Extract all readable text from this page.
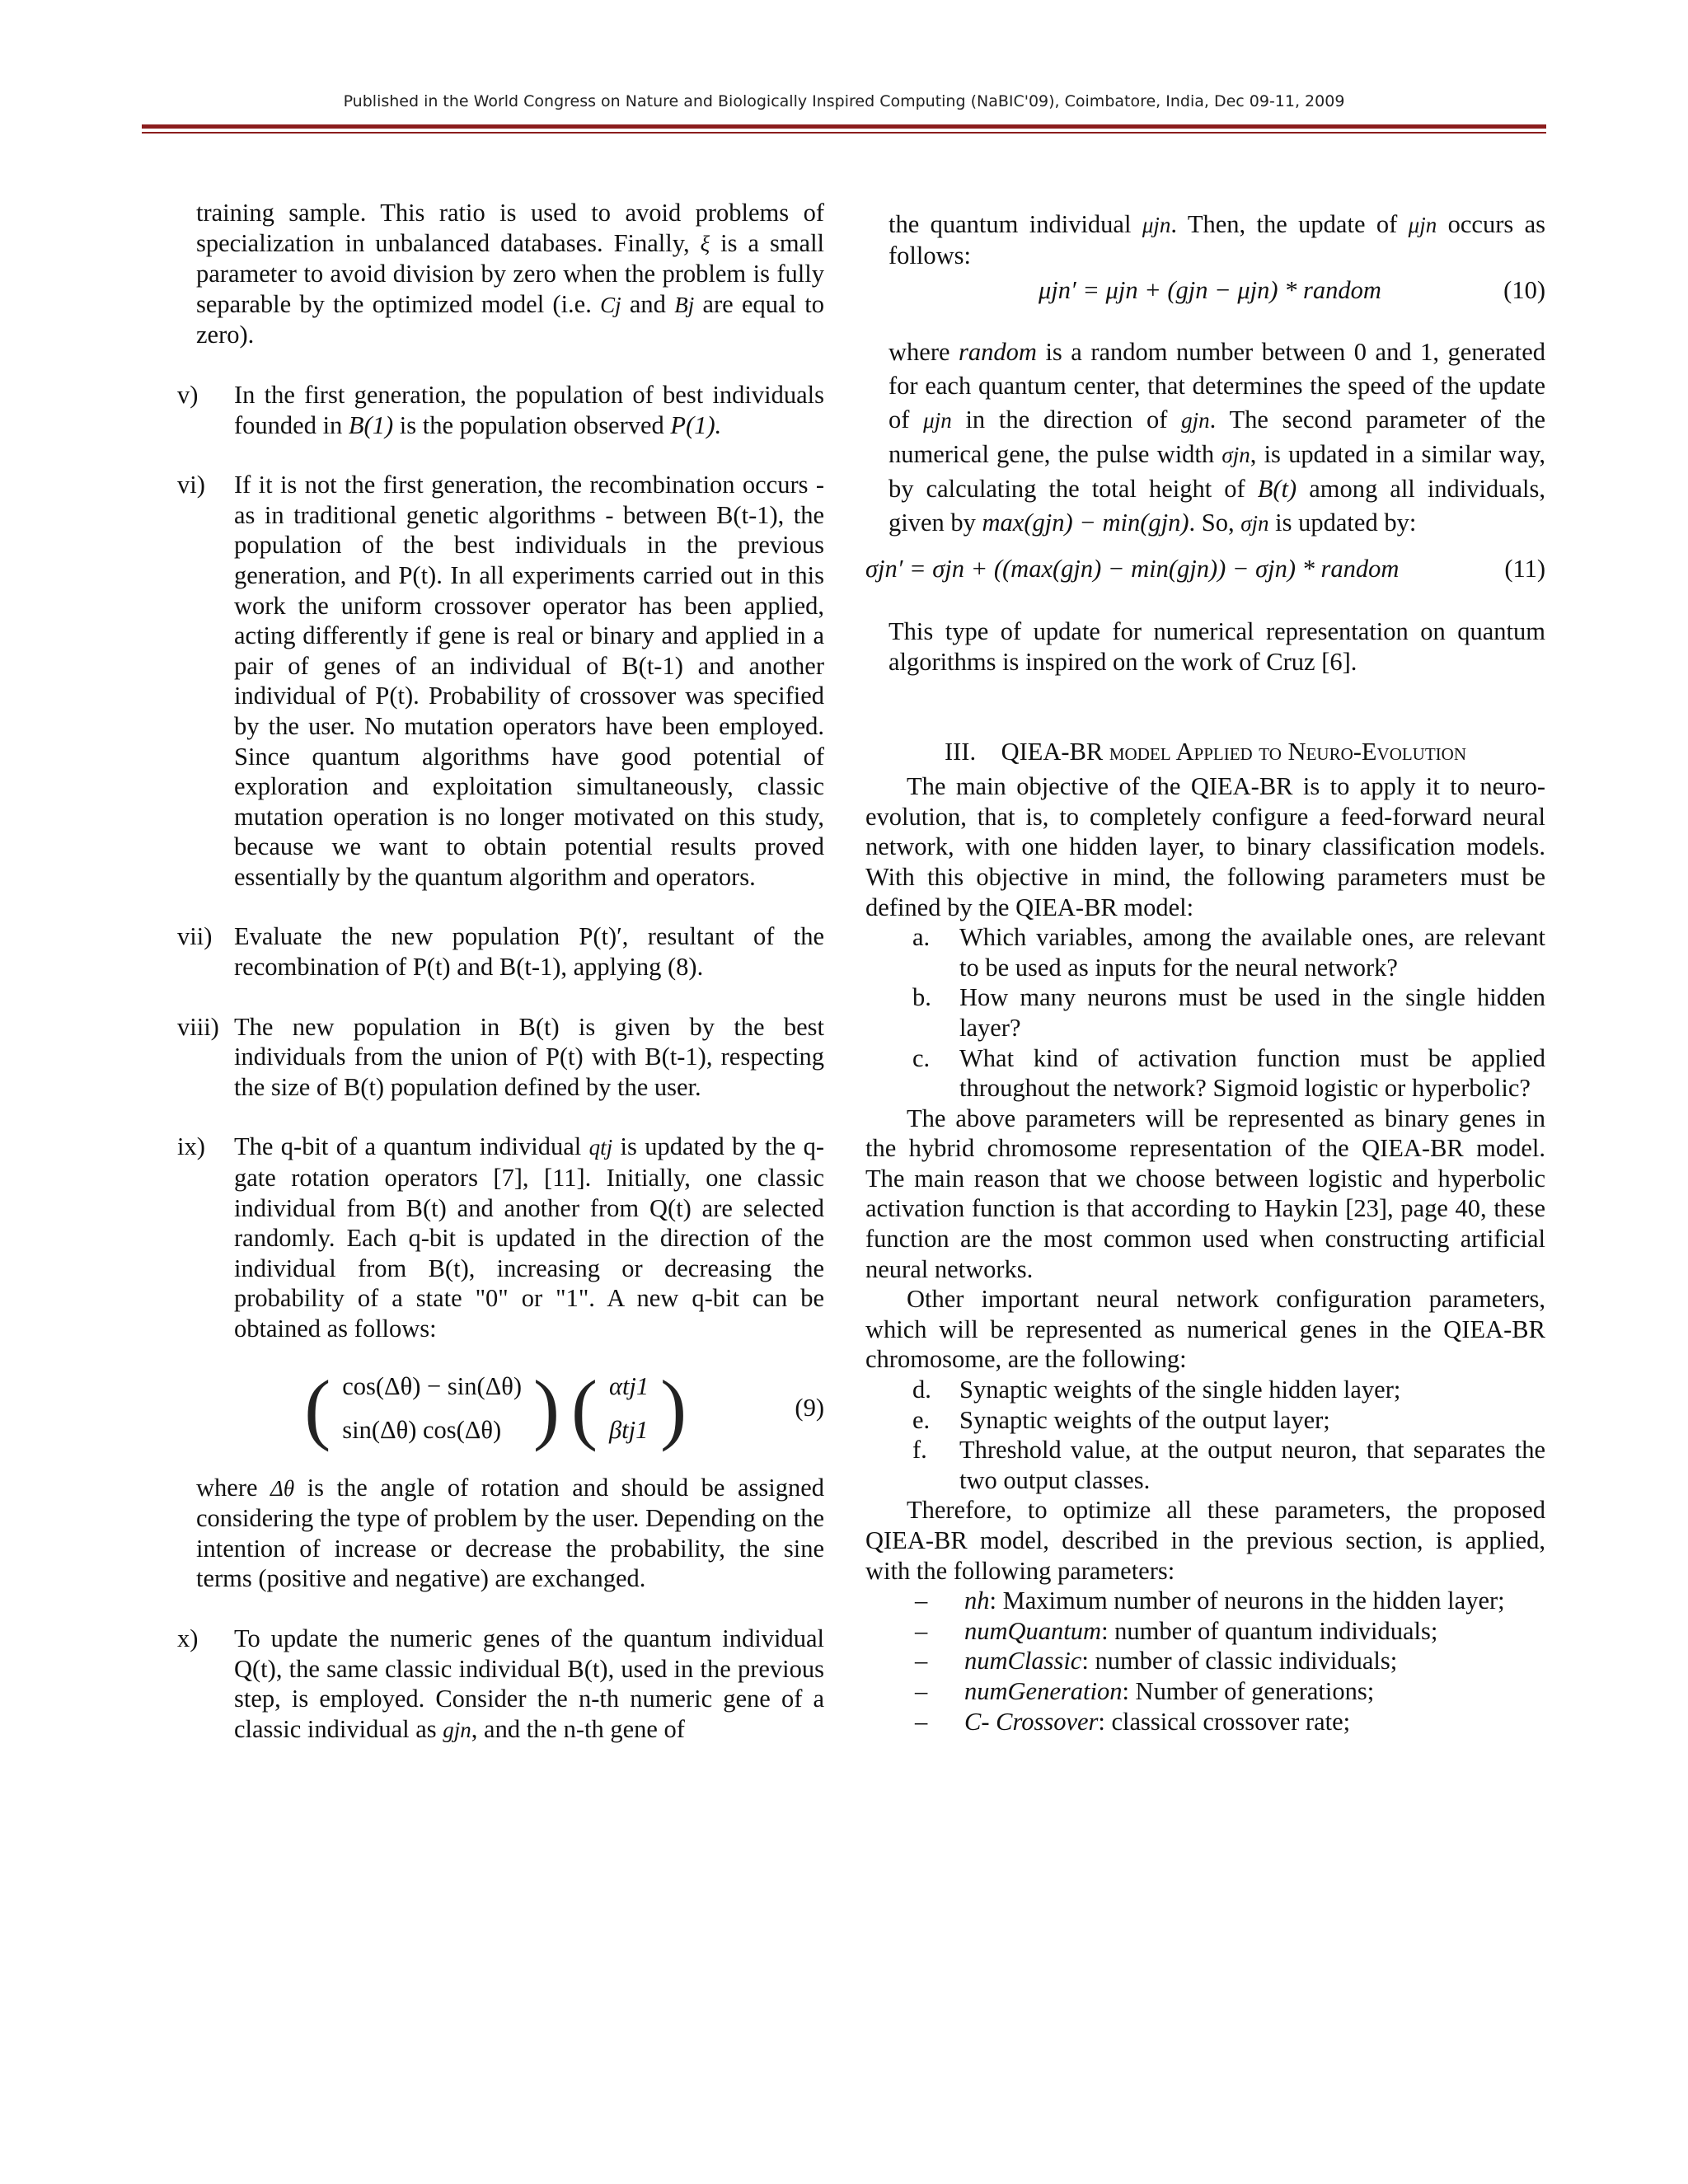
Published in the World Congress on Nature and Biologically Inspired Computing (NaBIC'09), Coimbatore, India, Dec 09-11, 2009

training sample. This ratio is used to avoid problems of specialization in unbalanced databases. Finally, ξ is a small parameter to avoid division by zero when the problem is fully separable by the optimized model (i.e. Cj and Bj are equal to zero).

v)	In the first generation, the population of best individuals founded in B(1) is the population observed P(1).
vi)	If it is not the first generation, the recombination occurs - as in traditional genetic algorithms - between B(t-1), the population of the best individuals in the previous generation, and P(t). In all experiments carried out in this work the uniform crossover operator has been applied, acting differently if gene is real or binary and applied in a pair of genes of an individual of B(t-1) and another individual of P(t). Probability of crossover was specified by the user. No mutation operators have been employed. Since quantum algorithms have good potential of exploration and exploitation simultaneously, classic mutation operation is no longer motivated on this study, because we want to obtain potential results proved essentially by the quantum algorithm and operators.
vii) Evaluate the new population P(t)′, resultant of the recombination of P(t) and B(t-1), applying (8).
viii) The new population in B(t) is given by the best individuals from the union of P(t) with B(t-1), respecting the size of B(t) population defined by the user.
ix)	The q-bit of a quantum individual qtj is updated by the q-gate rotation operators [7], [11]. Initially, one classic individual from B(t) and another from Q(t) are selected randomly. Each q-bit is updated in the direction of the individual from B(t), increasing or decreasing the probability of a state "0" or "1". A new q-bit can be obtained as follows:
( cos(Δθ) − sin(Δθ)
sin(Δθ) cos(Δθ) ) ( αtj1
βtj1 )	(9)

where Δθ is the angle of rotation and should be assigned considering the type of problem by the user. Depending on the intention of increase or decrease the probability, the sine terms (positive and negative) are exchanged.

x)	To update the numeric genes of the quantum individual Q(t), the same classic individual B(t), used in the previous step, is employed. Consider the n-th numeric gene of a classic individual as gjn, and the n-th gene of

the quantum individual μjn. Then, the update of μjn occurs as follows:

μjn′ = μjn + (gjn − μjn) * random	(10)

where random is a random number between 0 and 1, generated for each quantum center, that determines the speed of the update of μjn in the direction of gjn. The second parameter of the numerical gene, the pulse width σjn, is updated in a similar way, by calculating the total height of B(t) among all individuals, given by max(gjn) − min(gjn). So, σjn is updated by:

σjn′ = σjn + ((max(gjn) − min(gjn)) − σjn) * random	(11)

This type of update for numerical representation on quantum algorithms is inspired on the work of Cruz [6].

III. QIEA-BR model Applied to Neuro-Evolution

The main objective of the QIEA-BR is to apply it to neuro-evolution, that is, to completely configure a feed-forward neural network, with one hidden layer, to binary classification models. With this objective in mind, the following parameters must be defined by the QIEA-BR model:

a.	Which variables, among the available ones, are relevant to be used as inputs for the neural network?
b.	How many neurons must be used in the single hidden layer?
c.	What kind of activation function must be applied throughout the network? Sigmoid logistic or hyperbolic?

The above parameters will be represented as binary genes in the hybrid chromosome representation of the QIEA-BR model. The main reason that we choose between logistic and hyperbolic activation function is that according to Haykin [23], page 40, these function are the most common used when constructing artificial neural networks.

Other important neural network configuration parameters, which will be represented as numerical genes in the QIEA-BR chromosome, are the following:

d.	Synaptic weights of the single hidden layer;
e.	Synaptic weights of the output layer;
f.	Threshold value, at the output neuron, that separates the two output classes.

Therefore, to optimize all these parameters, the proposed QIEA-BR model, described in the previous section, is applied, with the following parameters:

–	nh: Maximum number of neurons in the hidden layer;
–	numQuantum: number of quantum individuals;
–	numClassic: number of classic individuals;
–	numGeneration: Number of generations;
–	C- Crossover: classical crossover rate;
